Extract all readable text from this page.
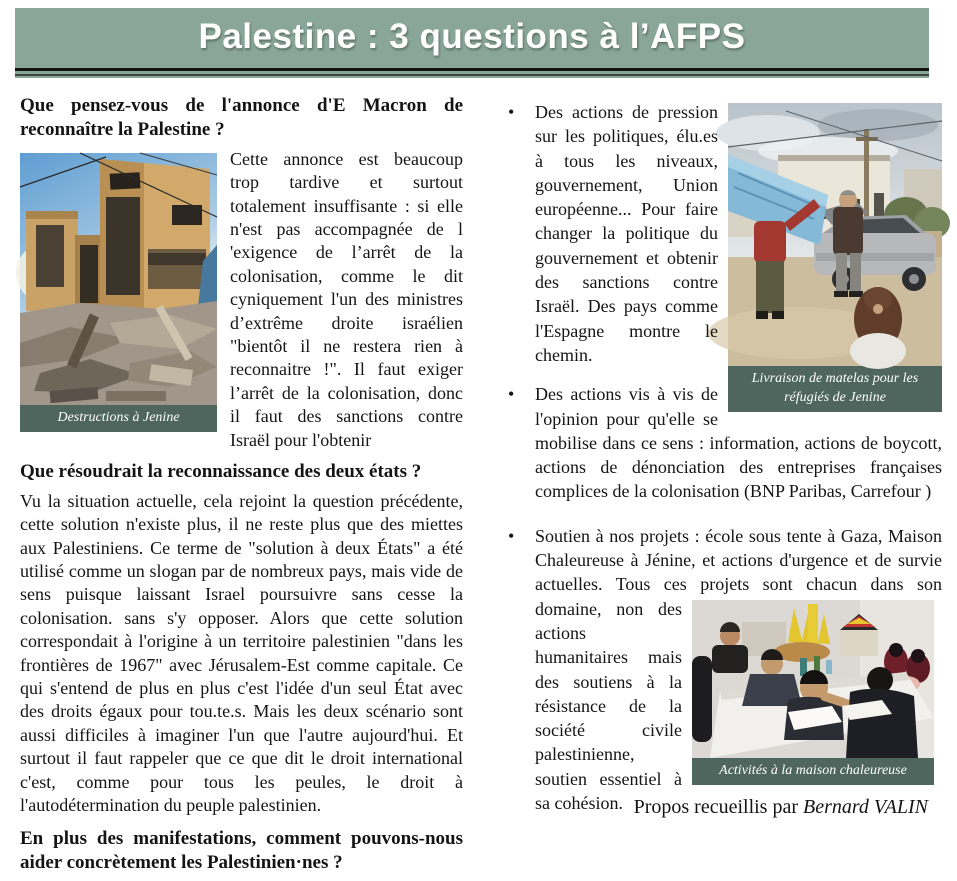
Palestine : 3 questions à l’AFPS
Que pensez-vous de l'annonce d'E Macron de reconnaître la Palestine ?
Destructions à Jenine

Cette annonce est beaucoup trop tardive et surtout totalement insuffisante : si elle n'est pas accompagnée de l 'exigence de l’arrêt de la colonisation, comme le dit cyniquement l'un des ministres d’extrême droite israélien "bientôt il ne restera rien à reconnaitre !". Il faut exiger l’arrêt de la colonisation, donc il faut des sanctions contre Israël pour l'obtenir

Que résoudrait la reconnaissance des deux états ?

Vu la situation actuelle, cela rejoint la question précédente, cette solution n'existe plus, il ne reste plus que des miettes aux Palestiniens. Ce terme de "solution à deux États" a été utilisé comme un slogan par de nombreux pays, mais vide de sens puisque laissant Israel poursuivre sans cesse la colonisation. sans s'y opposer. Alors que cette solution correspondait à l'origine à un territoire palestinien "dans les frontières de 1967" avec Jérusalem-Est comme capitale. Ce qui s'entend de plus en plus c'est l'idée d'un seul État avec des droits égaux pour tou.te.s. Mais les deux scénario sont aussi difficiles à imaginer l'un que l'autre aujourd'hui. Et surtout il faut rappeler que ce que dit le droit international c'est, comme pour tous les peules, le droit à l'autodétermination du peuple palestinien.

En plus des manifestations, comment pouvons-nous aider concrètement les Palestinien·nes ?
Livraison de matelas pour les réfugiés de Jenine
• Des actions de pression sur les politiques, élu.es à tous les niveaux, gouvernement, Union européenne... Pour faire changer la politique du gouvernement et obtenir des sanctions contre Israël. Des pays comme l'Espagne montre le chemin.
• Des actions vis à vis de l'opinion pour qu'elle se mobilise dans ce sens : information, actions de boycott, actions de dénonciation des entreprises françaises complices de la colonisation (BNP Paribas, Carrefour )
• Soutien à nos projets : école sous tente à Gaza, Maison Chaleureuse à Jénine, et actions d'urgence et de survie actuelles. Tous ces projets sont chacun
Activités à la maison chaleureuse
dans son domaine, non des actions humanitaires mais des soutiens à la résistance de la société civile palestinienne, soutien essentiel à sa cohésion. Propos recueillis par Bernard VALIN
